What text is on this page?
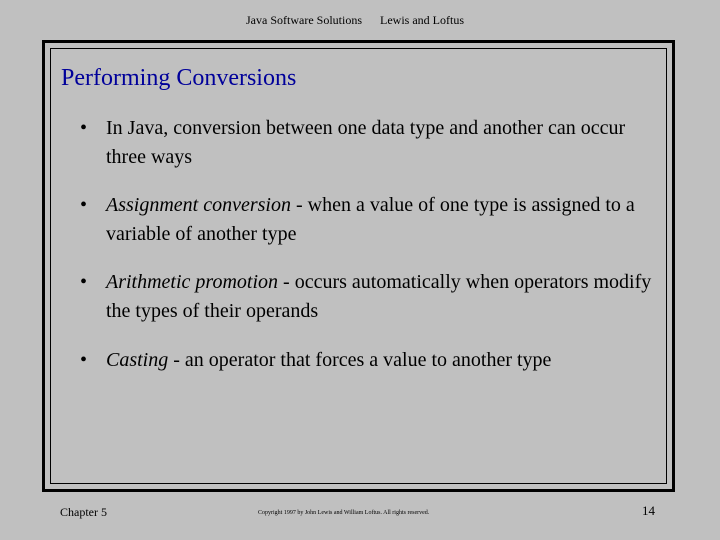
Java Software Solutions Lewis and Loftus
Performing Conversions
• In Java, conversion between one data type and another can occur three ways
• Assignment conversion - when a value of one type is assigned to a variable of another type
• Arithmetic promotion - occurs automatically when operators modify the types of their operands
• Casting - an operator that forces a value to another type
Chapter 5	Copyright 1997 by John Lewis and William Loftus. All rights reserved.	14
